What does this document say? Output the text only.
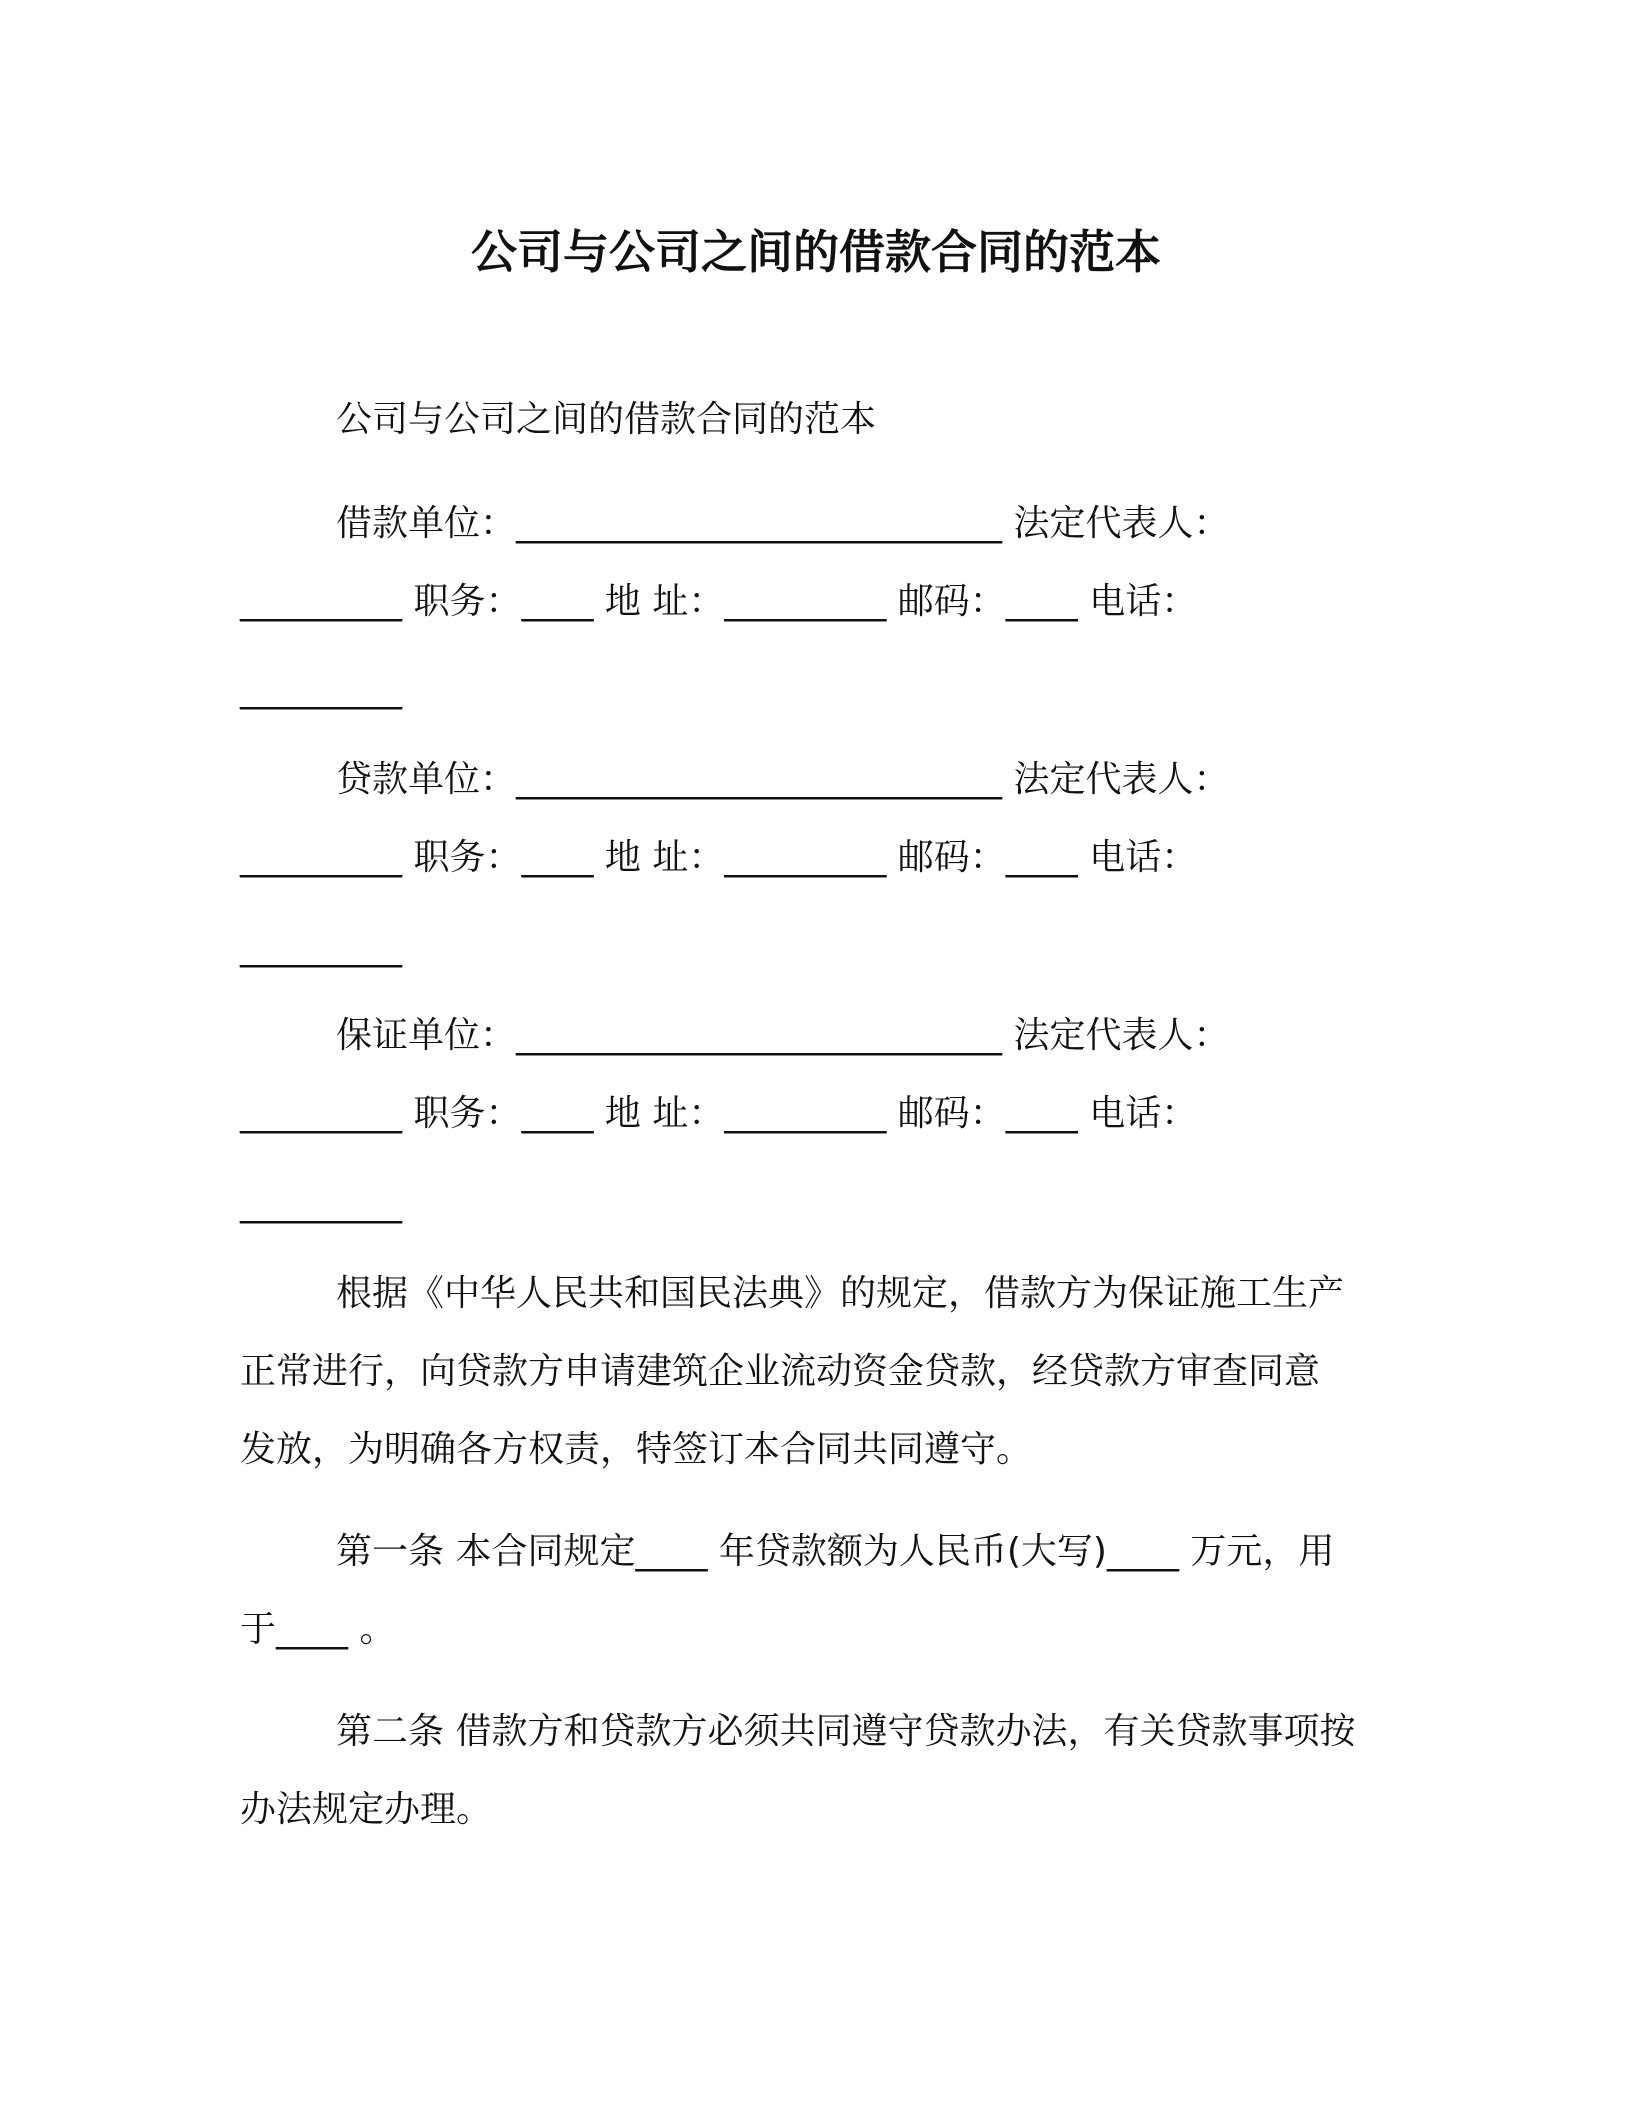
公司与公司之间的借款合同的范本
公司与公司之间的借款合同的范本
借款单位：___________________________ 法定代表人：
_________ 职务：____ 地 址：_________ 邮码：____ 电话：
_________
贷款单位：___________________________ 法定代表人：
_________ 职务：____ 地 址：_________ 邮码：____ 电话：
_________
保证单位：___________________________ 法定代表人：
_________ 职务：____ 地 址：_________ 邮码：____ 电话：
_________
根据《中华人民共和国民法典》的规定，借款方为保证施工生产
正常进行，向贷款方申请建筑企业流动资金贷款，经贷款方审查同意
发放，为明确各方权责，特签订本合同共同遵守。
第一条 本合同规定____ 年贷款额为人民币(大写)____ 万元，用
于____ 。
第二条 借款方和贷款方必须共同遵守贷款办法，有关贷款事项按
办法规定办理。
